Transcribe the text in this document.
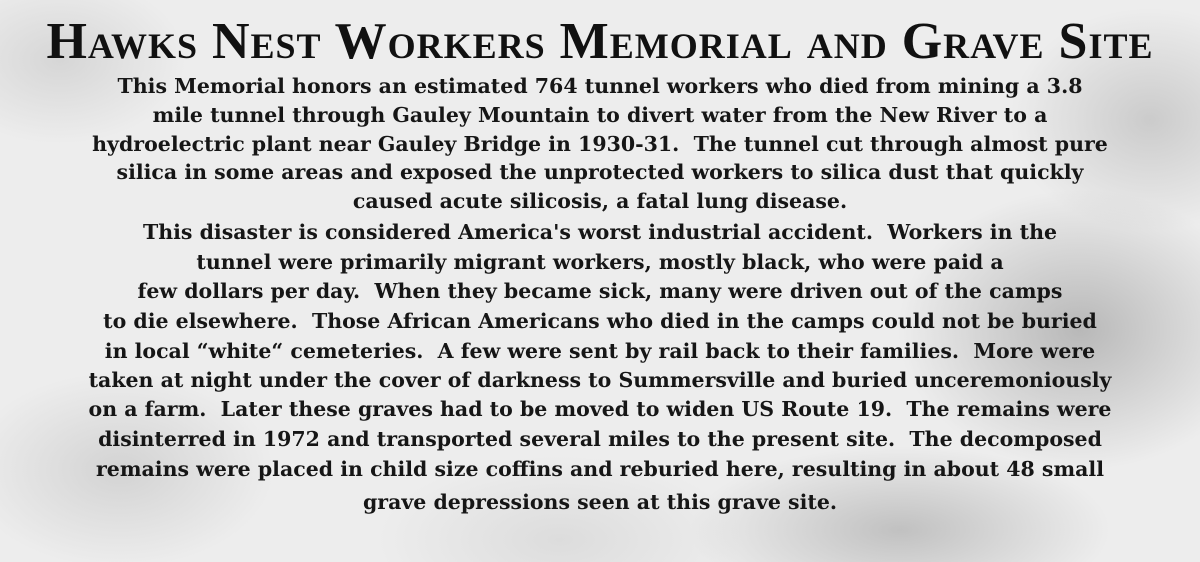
Hawks Nest Workers Memorial and Grave Site
This Memorial honors an estimated 764 tunnel workers who died from mining a 3.8
mile tunnel through Gauley Mountain to divert water from the New River to a
hydroelectric plant near Gauley Bridge in 1930-31.  The tunnel cut through almost pure
silica in some areas and exposed the unprotected workers to silica dust that quickly
caused acute silicosis, a fatal lung disease.
This disaster is considered America's worst industrial accident.  Workers in the
tunnel were primarily migrant workers, mostly black, who were paid a
few dollars per day.  When they became sick, many were driven out of the camps
to die elsewhere.  Those African Americans who died in the camps could not be buried
in local “white“ cemeteries.  A few were sent by rail back to their families.  More were
taken at night under the cover of darkness to Summersville and buried unceremoniously
on a farm.  Later these graves had to be moved to widen US Route 19.  The remains were
disinterred in 1972 and transported several miles to the present site.  The decomposed
remains were placed in child size coffins and reburied here, resulting in about 48 small
grave depressions seen at this grave site.
